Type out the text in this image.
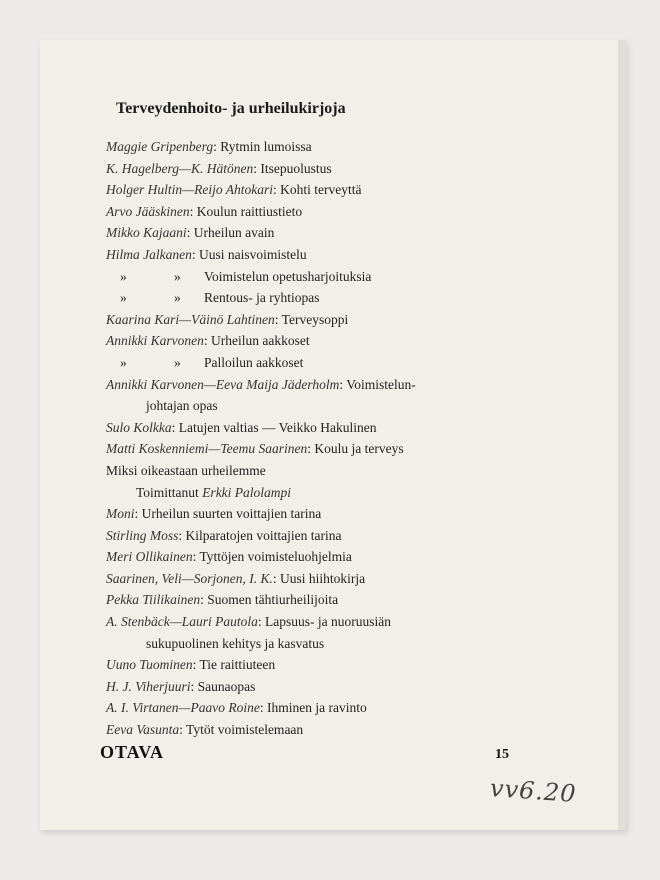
Terveydenhoito- ja urheilukirjoja
Maggie Gripenberg: Rytmin lumoissa
K. Hagelberg—K. Hätönen: Itsepuolustus
Holger Hultin—Reijo Ahtokari: Kohti terveyttä
Arvo Jääskinen: Koulun raittiustieto
Mikko Kajaani: Urheilun avain
Hilma Jalkanen: Uusi naisvoimistelu
»	» Voimistelun opetusharjoituksia
»	» Rentous- ja ryhtiopas
Kaarina Kari—Väinö Lahtinen: Terveysoppi
Annikki Karvonen: Urheilun aakkoset
»	» Palloilun aakkoset
Annikki Karvonen—Eeva Maija Jäderholm: Voimistelun-
johtajan opas
Sulo Kolkka: Latujen valtias — Veikko Hakulinen
Matti Koskenniemi—Teemu Saarinen: Koulu ja terveys
Miksi oikeastaan urheilemme
Toimittanut Erkki Palolampi
Moni: Urheilun suurten voittajien tarina
Stirling Moss: Kilparatojen voittajien tarina
Meri Ollikainen: Tyttöjen voimisteluohjelmia
Saarinen, Veli—Sorjonen, I. K.: Uusi hiihtokirja
Pekka Tiilikainen: Suomen tähtiurheilijoita
A. Stenbäck—Lauri Pautola: Lapsuus- ja nuoruusiän
sukupuolinen kehitys ja kasvatus
Uuno Tuominen: Tie raittiuteen
H. J. Viherjuuri: Saunaopas
A. I. Virtanen—Paavo Roine: Ihminen ja ravinto
Eeva Vasunta: Tytöt voimistelemaan
OTAVA	15
vv6.20
